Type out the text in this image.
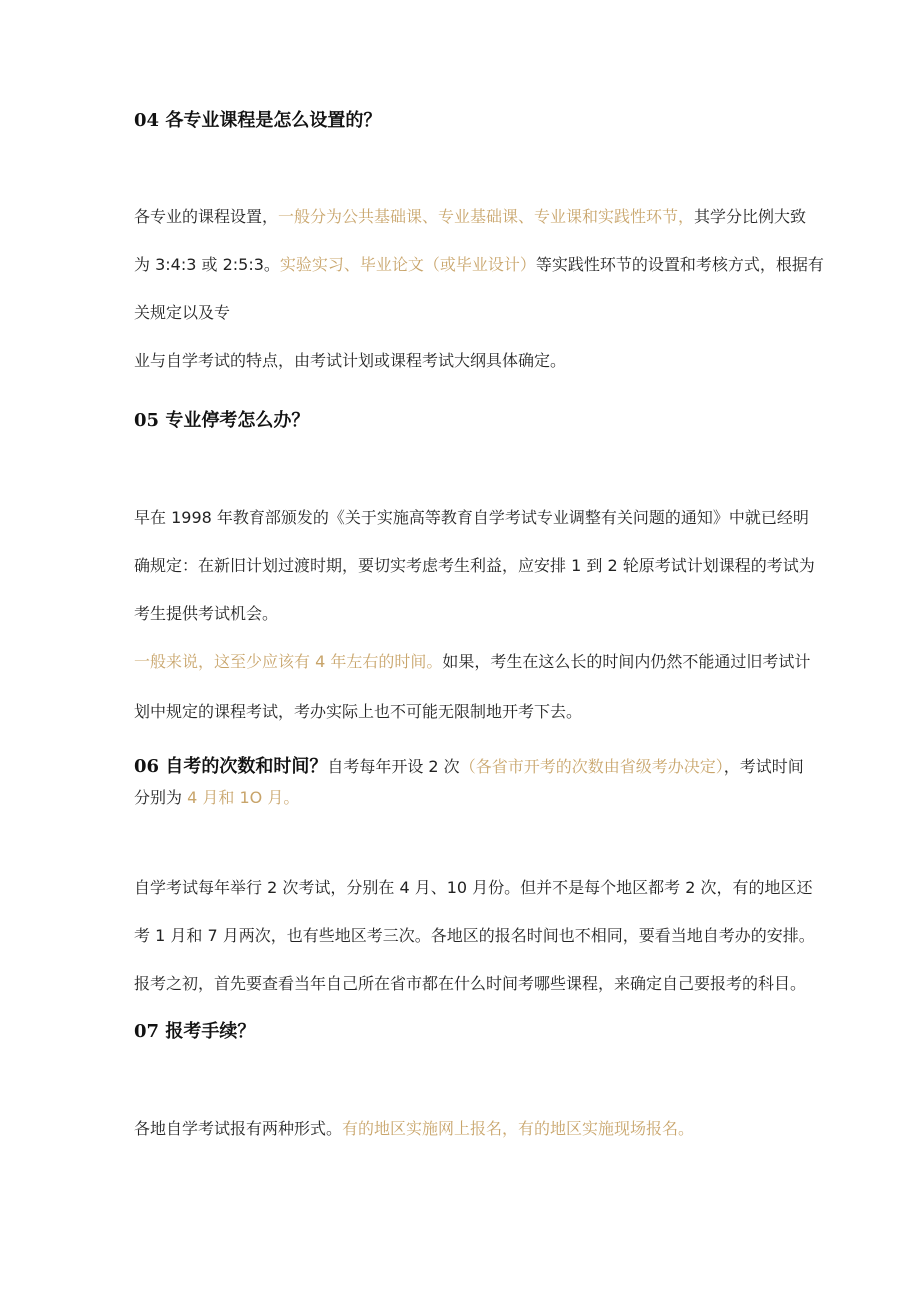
04 各专业课程是怎么设置的？
各专业的课程设置，一般分为公共基础课、专业基础课、专业课和实践性环节，其学分比例大致
为 3:4:3 或 2:5:3。实验实习、毕业论文（或毕业设计）等实践性环节的设置和考核方式，根据有
关规定以及专
业与自学考试的特点，由考试计划或课程考试大纲具体确定。
05 专业停考怎么办？
早在 1998 年教育部颁发的《关于实施高等教育自学考试专业调整有关问题的通知》中就已经明
确规定：在新旧计划过渡时期，要切实考虑考生利益，应安排 1 到 2 轮原考试计划课程的考试为
考生提供考试机会。
一般来说，这至少应该有 4 年左右的时间。如果，考生在这么长的时间内仍然不能通过旧考试计
划中规定的课程考试，考办实际上也不可能无限制地开考下去。
06 自考的次数和时间？自考每年开设 2 次（各省市开考的次数由省级考办决定），考试时间
分别为 4 月和 1O 月。
自学考试每年举行 2 次考试，分别在 4 月、10 月份。但并不是每个地区都考 2 次，有的地区还
考 1 月和 7 月两次，也有些地区考三次。各地区的报名时间也不相同，要看当地自考办的安排。
报考之初，首先要查看当年自己所在省市都在什么时间考哪些课程，来确定自己要报考的科目。
07 报考手续？
各地自学考试报有两种形式。有的地区实施网上报名，有的地区实施现场报名。
